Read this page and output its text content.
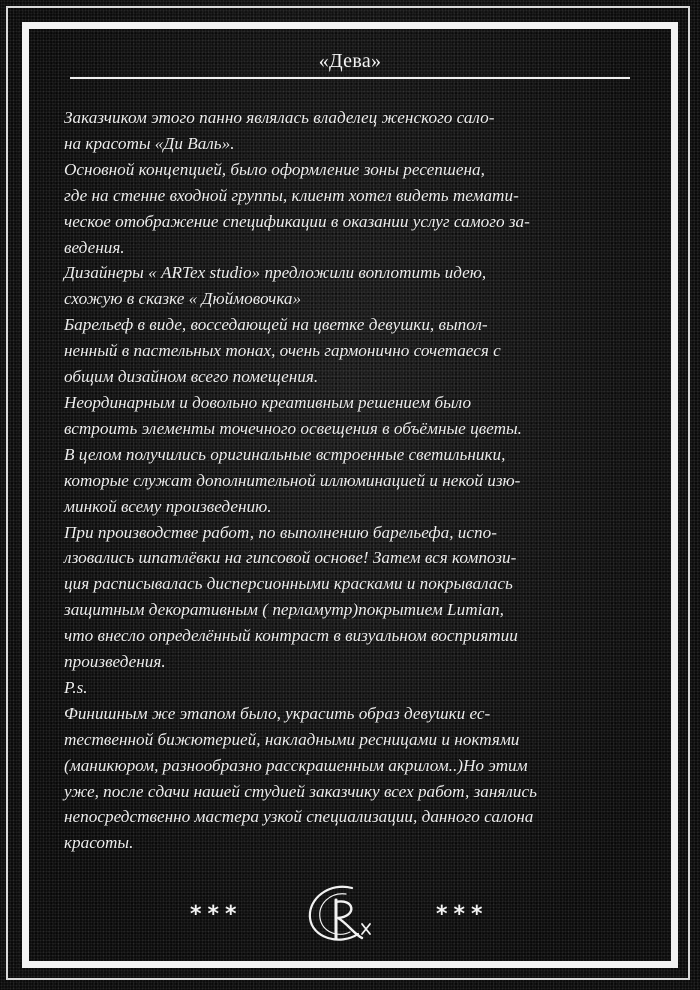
«Дева»
Заказчиком этого панно являлась владелец женского сало-
на красоты «Ди Валь».
Основной концепцией, было оформление зоны ресепшена,
где на стенне входной группы, клиент хотел видеть темати-
ческое отображение спецификации в оказании услуг самого за-
ведения.
Дизайнеры « ARTex studio» предложили воплотить идею,
схожую в сказке « Дюймовочка»
Барельеф в виде, восседающей на цветке девушки, выпол-
ненный в пастельных тонах, очень гармонично сочетаеся с
общим дизайном всего помещения.
Неординарным и довольно креативным решением было
встроить элементы точечного освещения в объёмные цветы.
В целом получились оригинальные встроенные светильники,
которые служат дополнительной иллюминацией и некой изю-
минкой всему произведению.
При производстве работ, по выполнению барельефа, испо-
лзовались шпатлёвки на гипсовой основе! Затем вся компози-
ция расписывалась дисперсионными красками и покрывалась
защитным декоративным ( перламутр)покрытием Lumian,
что внесло определённый контраст в визуальном восприятии
произведения.
P.s.
Финишным же этапом было, украсить образ девушки ес-
тественной бижютерией, накладными ресницами и ноктями
(маникюром, разнообразно расскрашенным акрилом..)Но этим
уже, после сдачи нашей студией заказчику всех работ, занялись
непосредственно мастера узкой специализации, данного салона
красоты.
***	***
